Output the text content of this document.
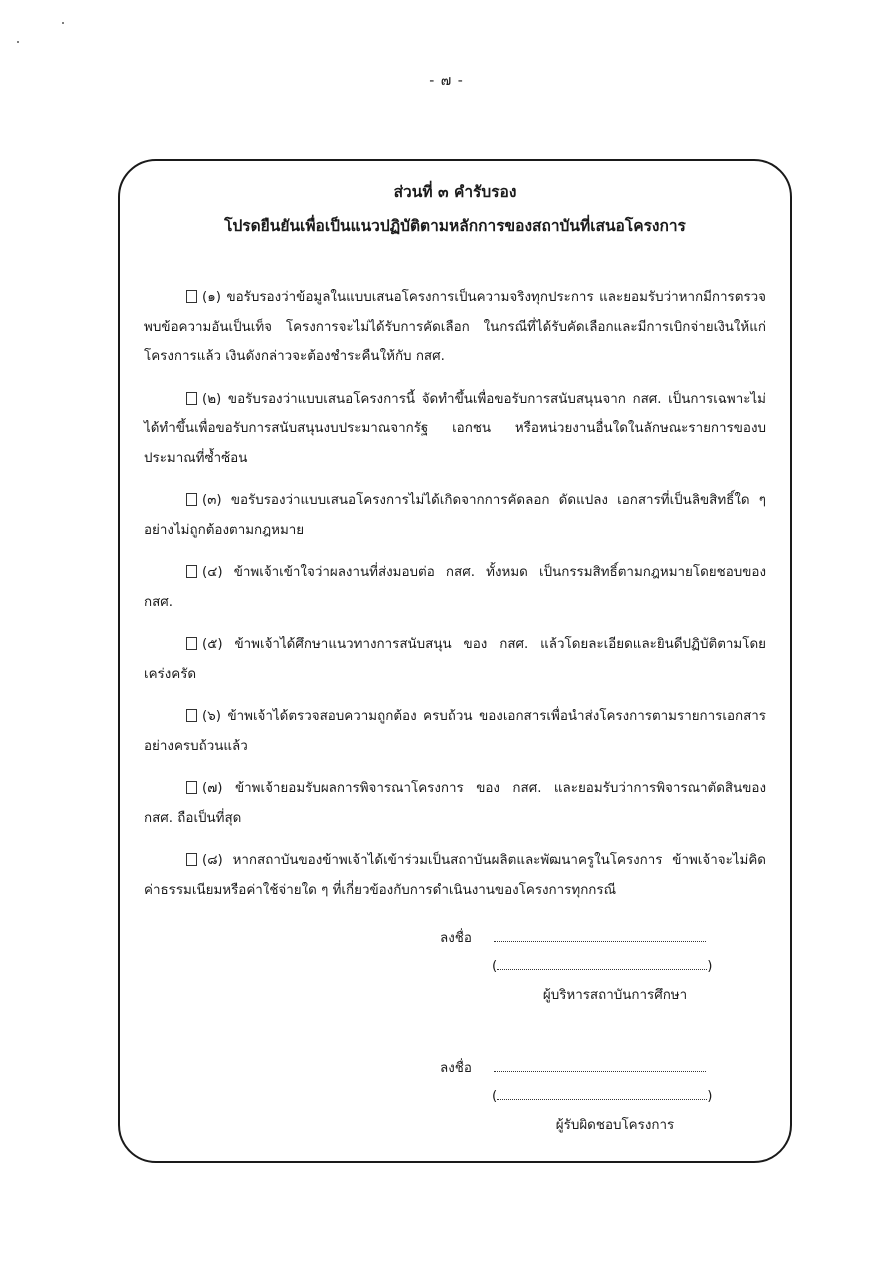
- ๗ -
ส่วนที่ ๓ คำรับรอง
โปรดยืนยันเพื่อเป็นแนวปฏิบัติตามหลักการของสถาบันที่เสนอโครงการ

(๑) ขอรับรองว่าข้อมูลในแบบเสนอโครงการเป็นความจริงทุกประการ และยอมรับว่าหากมีการตรวจพบข้อความอันเป็นเท็จ โครงการจะไม่ได้รับการคัดเลือก ในกรณีที่ได้รับคัดเลือกและมีการเบิกจ่ายเงินให้แก่โครงการแล้ว เงินดังกล่าวจะต้องชำระคืนให้กับ กสศ.

(๒) ขอรับรองว่าแบบเสนอโครงการนี้ จัดทำขึ้นเพื่อขอรับการสนับสนุนจาก กสศ. เป็นการเฉพาะไม่ได้ทำขึ้นเพื่อขอรับการสนับสนุนงบประมาณจากรัฐ เอกชน หรือหน่วยงานอื่นใดในลักษณะรายการของบประมาณที่ซ้ำซ้อน

(๓) ขอรับรองว่าแบบเสนอโครงการไม่ได้เกิดจากการคัดลอก ดัดแปลง เอกสารที่เป็นลิขสิทธิ์ใด ๆ อย่างไม่ถูกต้องตามกฎหมาย

(๔) ข้าพเจ้าเข้าใจว่าผลงานที่ส่งมอบต่อ กสศ. ทั้งหมด เป็นกรรมสิทธิ์ตามกฎหมายโดยชอบของ กสศ.

(๕) ข้าพเจ้าได้ศึกษาแนวทางการสนับสนุน ของ กสศ. แล้วโดยละเอียดและยินดีปฏิบัติตามโดยเคร่งครัด

(๖) ข้าพเจ้าได้ตรวจสอบความถูกต้อง ครบถ้วน ของเอกสารเพื่อนำส่งโครงการตามรายการเอกสารอย่างครบถ้วนแล้ว

(๗) ข้าพเจ้ายอมรับผลการพิจารณาโครงการ ของ กสศ. และยอมรับว่าการพิจารณาตัดสินของ กสศ. ถือเป็นที่สุด

(๘) หากสถาบันของข้าพเจ้าได้เข้าร่วมเป็นสถาบันผลิตและพัฒนาครูในโครงการ ข้าพเจ้าจะไม่คิดค่าธรรมเนียมหรือค่าใช้จ่ายใด ๆ ที่เกี่ยวข้องกับการดำเนินงานของโครงการทุกกรณี

ลงชื่อ
(	)
ผู้บริหารสถาบันการศึกษา
ลงชื่อ
(	)
ผู้รับผิดชอบโครงการ
